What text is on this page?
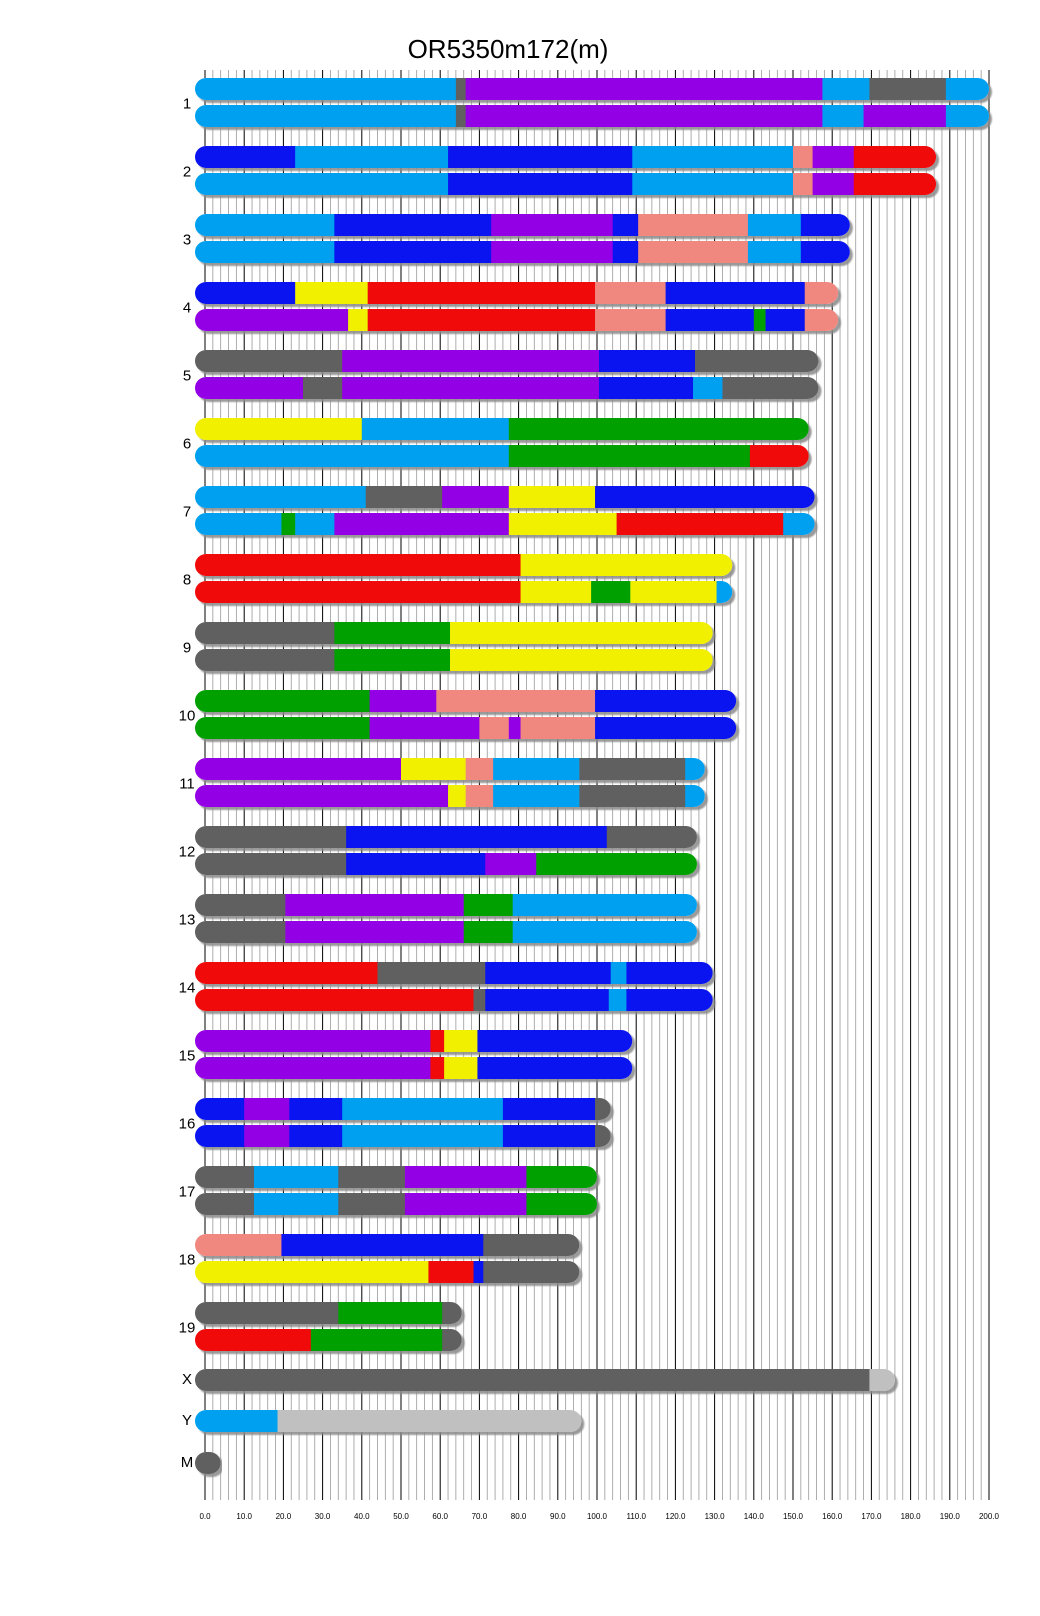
OR5350m172(m)
0.0	10.0	20.0	30.0	40.0	50.0	60.0	70.0	80.0	90.0	100.0 110.0 120.0 130.0 140.0 150.0 160.0 170.0 180.0 190.0 200.0
1
2
3
4
5
6
7
8
9
10
11
12
13
14
15
16
17
18
19
X
Y
M
